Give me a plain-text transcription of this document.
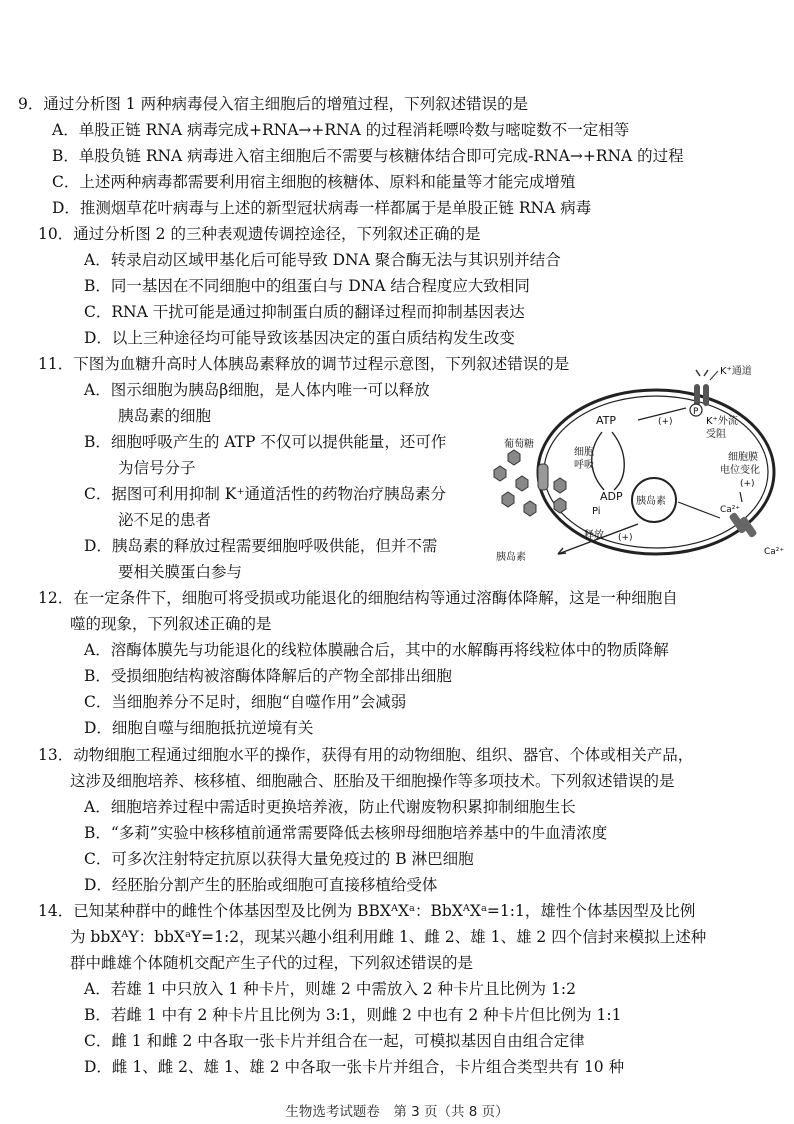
9．通过分析图 1 两种病毒侵入宿主细胞后的增殖过程，下列叙述错误的是
A．单股正链 RNA 病毒完成+RNA→+RNA 的过程消耗嘌呤数与嘧啶数不一定相等
B．单股负链 RNA 病毒进入宿主细胞后不需要与核糖体结合即可完成-RNA→+RNA 的过程
C．上述两种病毒都需要利用宿主细胞的核糖体、原料和能量等才能完成增殖
D．推测烟草花叶病毒与上述的新型冠状病毒一样都属于是单股正链 RNA 病毒
10．通过分析图 2 的三种表观遗传调控途径，下列叙述正确的是
A．转录启动区域甲基化后可能导致 DNA 聚合酶无法与其识别并结合
B．同一基因在不同细胞中的组蛋白与 DNA 结合程度应大致相同
C．RNA 干扰可能是通过抑制蛋白质的翻译过程而抑制基因表达
D．以上三种途径均可能导致该基因决定的蛋白质结构发生改变
11．下图为血糖升高时人体胰岛素释放的调节过程示意图，下列叙述错误的是
A．图示细胞为胰岛β细胞，是人体内唯一可以释放
胰岛素的细胞
B．细胞呼吸产生的 ATP 不仅可以提供能量，还可作
为信号分子
C．据图可利用抑制 K⁺通道活性的药物治疗胰岛素分
泌不足的患者
D．胰岛素的释放过程需要细胞呼吸供能，但并不需
要相关膜蛋白参与
K⁺通道
P
葡萄糖
细胞
呼吸
ATP
ADP
Pi
(+)	K⁺外流
受阻
细胞膜
电位变化
(+)
Ca²⁺
Ca²⁺
胰岛素
释放 (+)
胰岛素
12．在一定条件下，细胞可将受损或功能退化的细胞结构等通过溶酶体降解，这是一种细胞自
噬的现象，下列叙述正确的是
A．溶酶体膜先与功能退化的线粒体膜融合后，其中的水解酶再将线粒体中的物质降解
B．受损细胞结构被溶酶体降解后的产物全部排出细胞
C．当细胞养分不足时，细胞“自噬作用”会减弱
D．细胞自噬与细胞抵抗逆境有关
13．动物细胞工程通过细胞水平的操作，获得有用的动物细胞、组织、器官、个体或相关产品，
这涉及细胞培养、核移植、细胞融合、胚胎及干细胞操作等多项技术。下列叙述错误的是
A．细胞培养过程中需适时更换培养液，防止代谢废物积累抑制细胞生长
B．“多莉”实验中核移植前通常需要降低去核卵母细胞培养基中的牛血清浓度
C．可多次注射特定抗原以获得大量免疫过的 B 淋巴细胞
D．经胚胎分割产生的胚胎或细胞可直接移植给受体
14．已知某种群中的雌性个体基因型及比例为 BBXᴬXᵃ：BbXᴬXᵃ=1:1，雄性个体基因型及比例
为 bbXᴬY：bbXᵃY=1:2，现某兴趣小组利用雌 1、雌 2、雄 1、雄 2 四个信封来模拟上述种
群中雌雄个体随机交配产生子代的过程，下列叙述错误的是
A．若雄 1 中只放入 1 种卡片，则雄 2 中需放入 2 种卡片且比例为 1:2
B．若雌 1 中有 2 种卡片且比例为 3:1，则雌 2 中也有 2 种卡片但比例为 1:1
C．雌 1 和雌 2 中各取一张卡片并组合在一起，可模拟基因自由组合定律
D．雌 1、雌 2、雄 1、雄 2 中各取一张卡片并组合，卡片组合类型共有 10 种
生物选考试题卷　第 3 页（共 8 页）
